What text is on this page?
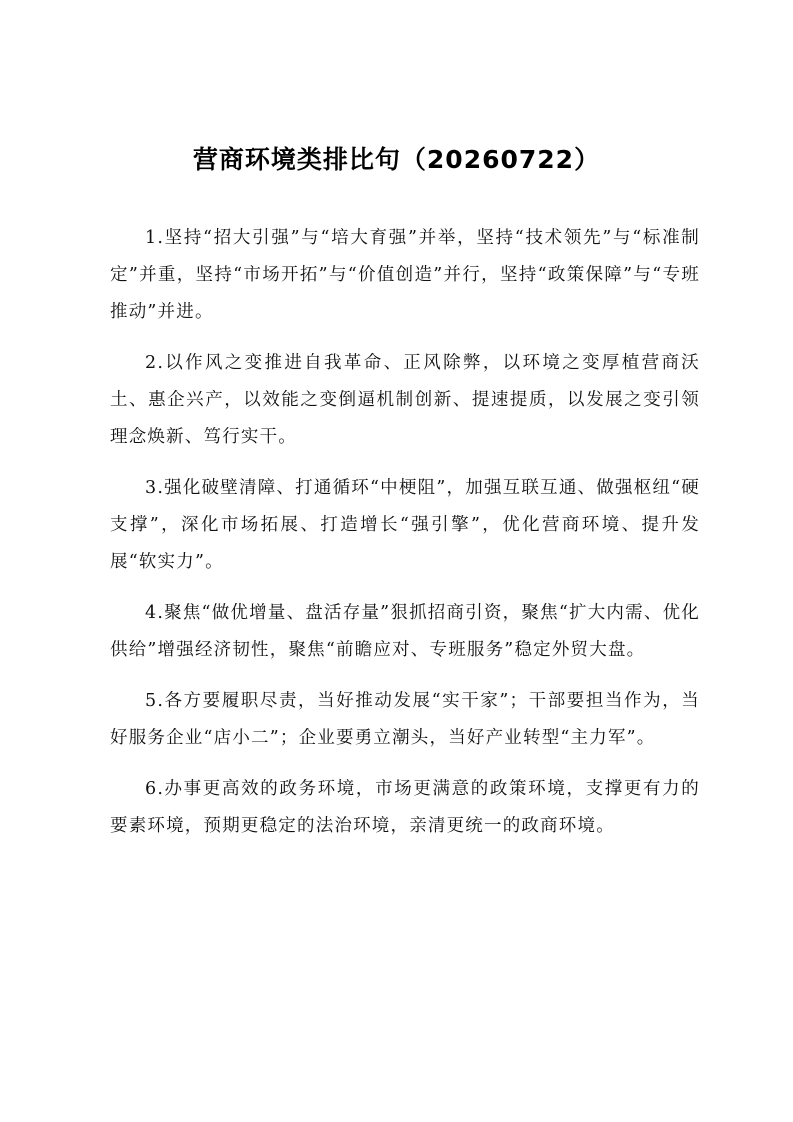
营商环境类排比句（20260722）

1.坚持“招大引强”与“培大育强”并举，坚持“技术领先”与“标准制定”并重，坚持“市场开拓”与“价值创造”并行，坚持“政策保障”与“专班推动”并进。

2.以作风之变推进自我革命、正风除弊，以环境之变厚植营商沃土、惠企兴产，以效能之变倒逼机制创新、提速提质，以发展之变引领理念焕新、笃行实干。

3.强化破壁清障、打通循环“中梗阻”，加强互联互通、做强枢纽“硬支撑”，深化市场拓展、打造增长“强引擎”，优化营商环境、提升发展“软实力”。

4.聚焦“做优增量、盘活存量”狠抓招商引资，聚焦“扩大内需、优化供给”增强经济韧性，聚焦“前瞻应对、专班服务”稳定外贸大盘。

5.各方要履职尽责，当好推动发展“实干家”；干部要担当作为，当好服务企业“店小二”；企业要勇立潮头，当好产业转型“主力军”。

6.办事更高效的政务环境，市场更满意的政策环境，支撑更有力的要素环境，预期更稳定的法治环境，亲清更统一的政商环境。
